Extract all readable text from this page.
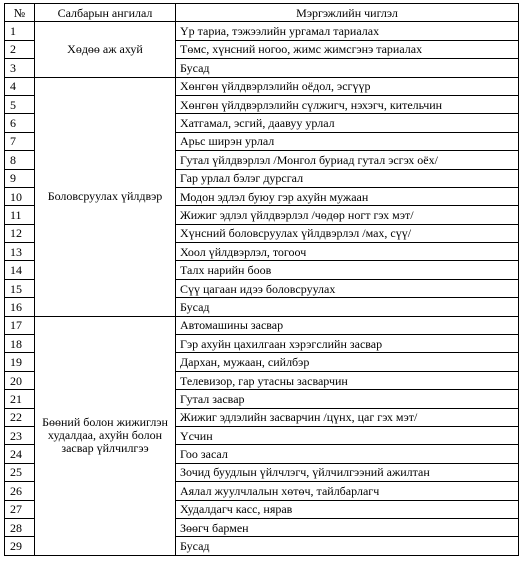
№	Салбарын ангилал	Мэргэжлийн чиглэл
1	Хөдөө аж ахуй	Үр тариа, тэжээлийн ургамал тариалах
2		Төмс, хүнсний ногоо, жимс жимсгэнэ тариалах
3		Бусад
4	Боловсруулах үйлдвэр	Хөнгөн үйлдвэрлэлийн оёдол, эсгүүр
5		Хөнгөн үйлдвэрлэлийн сүлжигч, нэхэгч, кительчин
6		Хатгамал, эсгий, даавуу урлал
7		Арьс ширэн урлал
8		Гутал үйлдвэрлэл /Монгол буриад гутал эсгэх оёх/
9		Гар урлал бэлэг дурсгал
10		Модон эдлэл буюу гэр ахуйн мужаан
11		Жижиг эдлэл үйлдвэрлэл /чөдөр ногт гэх мэт/
12		Хүнсний боловсруулах үйлдвэрлэл /мах, сүү/
13		Хоол үйлдвэрлэл, тогооч
14		Талх нарийн боов
15		Сүү цагаан идээ боловсруулах
16		Бусад
17	Бөөний болон жижиглэн худалдаа, ахуйн болон засвар үйлчилгээ	Автомашины засвар
18		Гэр ахуйн цахилгаан хэрэгслийн засвар
19		Дархан, мужаан, сийлбэр
20		Телевизор, гар утасны засварчин
21		Гутал засвар
22		Жижиг эдлэлийн засварчин /цүнх, цаг гэх мэт/
23		Үсчин
24		Гоо засал
25		Зочид буудлын үйлчлэгч, үйлчилгээний ажилтан
26		Аялал жуулчлалын хөтөч, тайлбарлагч
27		Худалдагч касс, нярав
28		Зөөгч бармен
29		Бусад
